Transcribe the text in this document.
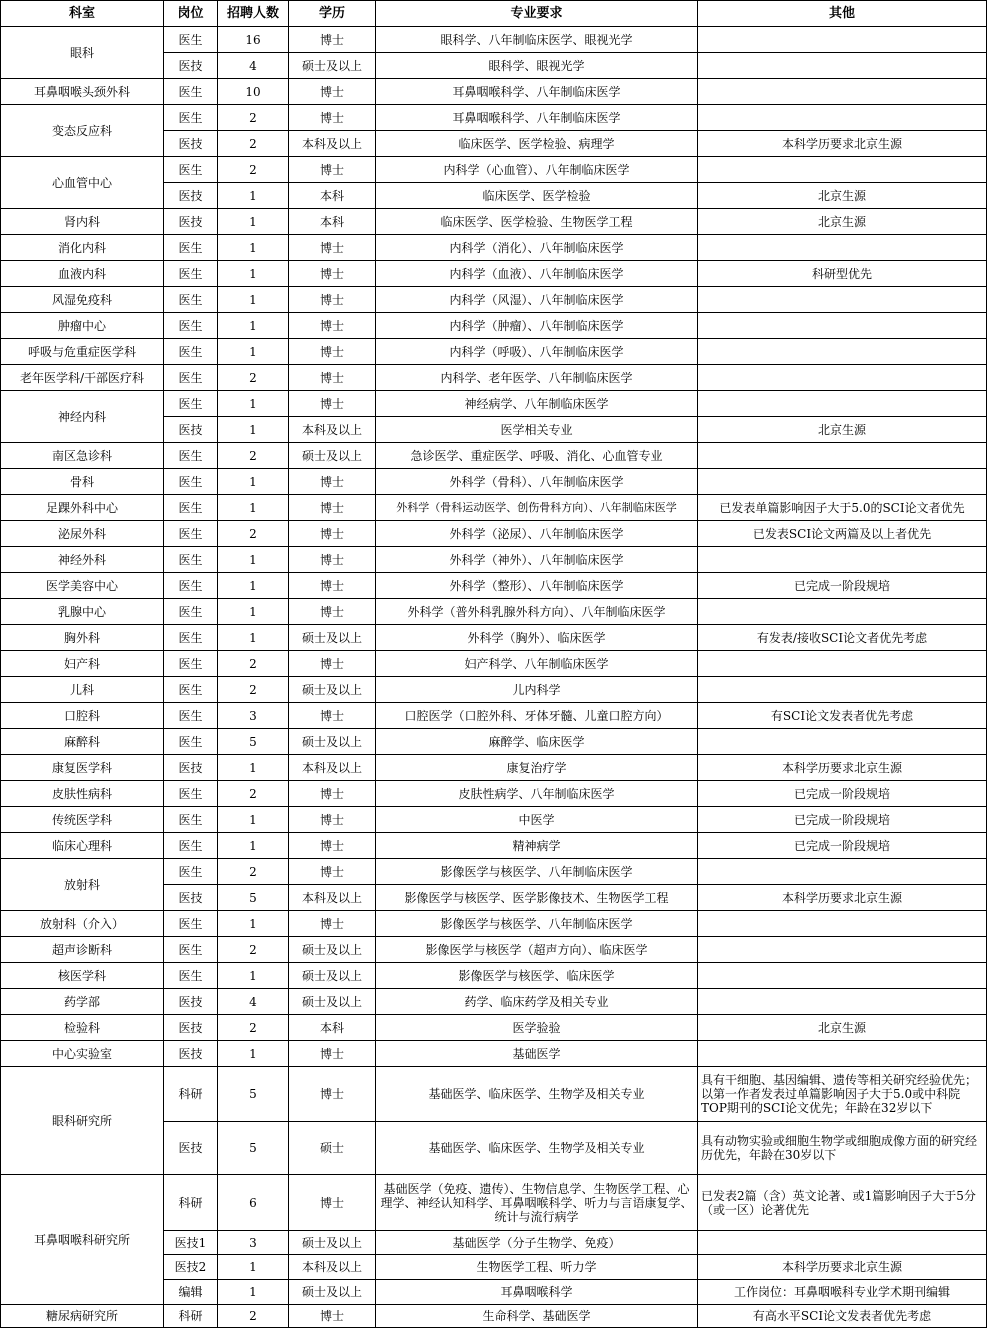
科室	岗位	招聘人数	学历	专业要求	其他
眼科	医生	16	博士	眼科学、八年制临床医学、眼视光学	
	医技	4	硕士及以上	眼科学、眼视光学	
耳鼻咽喉头颈外科	医生	10	博士	耳鼻咽喉科学、八年制临床医学	
变态反应科	医生	2	博士	耳鼻咽喉科学、八年制临床医学	
	医技	2	本科及以上	临床医学、医学检验、病理学	本科学历要求北京生源
心血管中心	医生	2	博士	内科学（心血管）、八年制临床医学	
	医技	1	本科	临床医学、医学检验	北京生源
肾内科	医技	1	本科	临床医学、医学检验、生物医学工程	北京生源
消化内科	医生	1	博士	内科学（消化）、八年制临床医学	
血液内科	医生	1	博士	内科学（血液）、八年制临床医学	科研型优先
风湿免疫科	医生	1	博士	内科学（风湿）、八年制临床医学	
肿瘤中心	医生	1	博士	内科学（肿瘤）、八年制临床医学	
呼吸与危重症医学科	医生	1	博士	内科学（呼吸）、八年制临床医学	
老年医学科/干部医疗科	医生	2	博士	内科学、老年医学、八年制临床医学	
神经内科	医生	1	博士	神经病学、八年制临床医学	
	医技	1	本科及以上	医学相关专业	北京生源
南区急诊科	医生	2	硕士及以上	急诊医学、重症医学、呼吸、消化、心血管专业	
骨科	医生	1	博士	外科学（骨科）、八年制临床医学	
足踝外科中心	医生	1	博士	外科学（骨科运动医学、创伤骨科方向）、八年制临床医学	已发表单篇影响因子大于5.0的SCI论文者优先
泌尿外科	医生	2	博士	外科学（泌尿）、八年制临床医学	已发表SCI论文两篇及以上者优先
神经外科	医生	1	博士	外科学（神外）、八年制临床医学	
医学美容中心	医生	1	博士	外科学（整形）、八年制临床医学	已完成一阶段规培
乳腺中心	医生	1	博士	外科学（普外科乳腺外科方向）、八年制临床医学	
胸外科	医生	1	硕士及以上	外科学（胸外）、临床医学	有发表/接收SCI论文者优先考虑
妇产科	医生	2	博士	妇产科学、八年制临床医学	
儿科	医生	2	硕士及以上	儿内科学	
口腔科	医生	3	博士	口腔医学（口腔外科、牙体牙髓、儿童口腔方向）	有SCI论文发表者优先考虑
麻醉科	医生	5	硕士及以上	麻醉学、临床医学	
康复医学科	医技	1	本科及以上	康复治疗学	本科学历要求北京生源
皮肤性病科	医生	2	博士	皮肤性病学、八年制临床医学	已完成一阶段规培
传统医学科	医生	1	博士	中医学	已完成一阶段规培
临床心理科	医生	1	博士	精神病学	已完成一阶段规培
放射科	医生	2	博士	影像医学与核医学、八年制临床医学	
	医技	5	本科及以上	影像医学与核医学、医学影像技术、生物医学工程	本科学历要求北京生源
放射科（介入）	医生	1	博士	影像医学与核医学、八年制临床医学	
超声诊断科	医生	2	硕士及以上	影像医学与核医学（超声方向）、临床医学	
核医学科	医生	1	硕士及以上	影像医学与核医学、临床医学	
药学部	医技	4	硕士及以上	药学、临床药学及相关专业	
检验科	医技	2	本科	医学验验	北京生源
中心实验室	医技	1	博士	基础医学	
眼科研究所	科研	5	博士	基础医学、临床医学、生物学及相关专业	具有干细胞、基因编辑、遗传等相关研究经验优先；以第一作者发表过单篇影响因子大于5.0或中科院TOP期刊的SCI论文优先；年龄在32岁以下
	医技	5	硕士	基础医学、临床医学、生物学及相关专业	具有动物实验或细胞生物学或细胞成像方面的研究经历优先，年龄在30岁以下
耳鼻咽喉科研究所	科研	6	博士	基础医学（免疫、遗传）、生物信息学、生物医学工程、心理学、神经认知科学、耳鼻咽喉科学、听力与言语康复学、统计与流行病学	已发表2篇（含）英文论著、或1篇影响因子大于5分（或一区）论著优先
	医技1	3	硕士及以上	基础医学（分子生物学、免疫）	
	医技2	1	本科及以上	生物医学工程、听力学	本科学历要求北京生源
	编辑	1	硕士及以上	耳鼻咽喉科学	工作岗位：耳鼻咽喉科专业学术期刊编辑
糖尿病研究所	科研	2	博士	生命科学、基础医学	有高水平SCI论文发表者优先考虑
